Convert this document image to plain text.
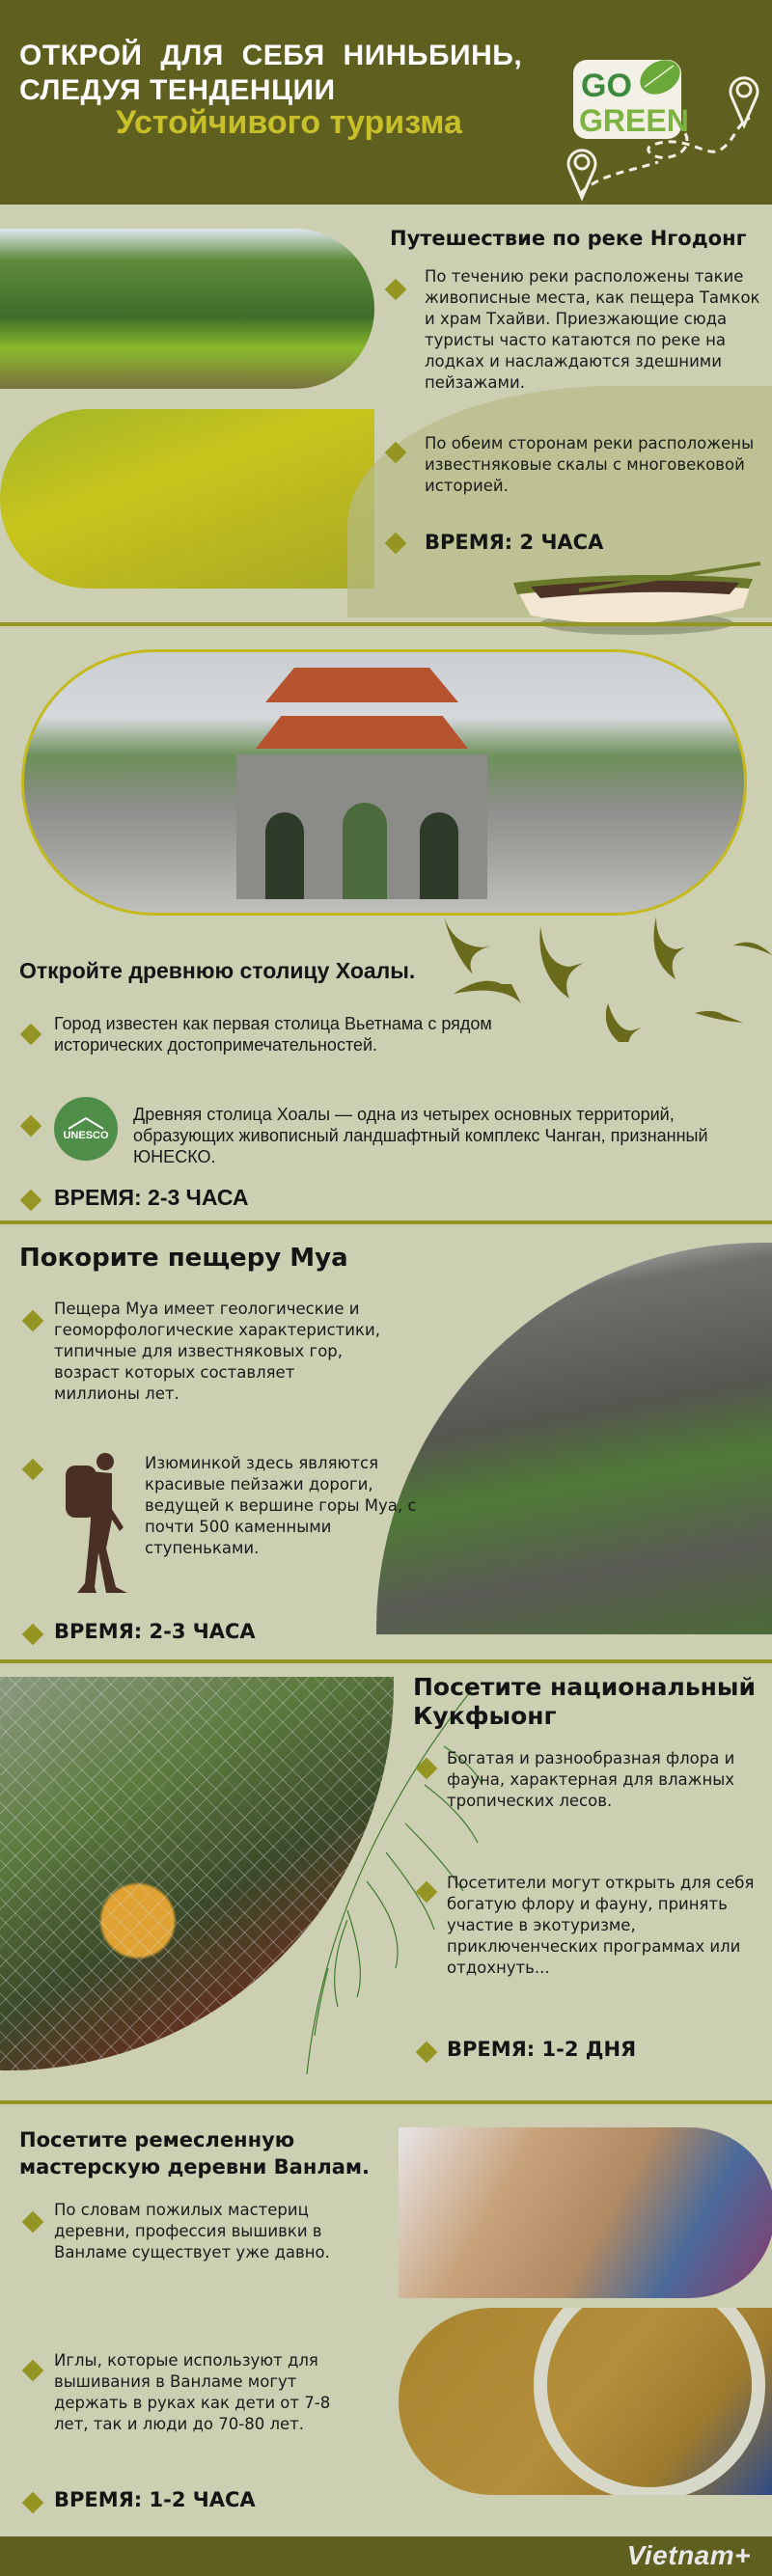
ОТКРОЙ ДЛЯ СЕБЯ НИНЬБИНЬ,
СЛЕДУЯ ТЕНДЕНЦИИ
Устойчивого туризма
GO
GREEN
Путешествие по реке Нгодонг
По течению реки расположены такие живописные места, как пещера Тамкок и храм Тхайви. Приезжающие сюда туристы часто катаются по реке на лодках и наслаждаются здешними пейзажами.
По обеим сторонам реки расположены известняковые скалы с многовековой историей.
ВРЕМЯ: 2 ЧАСА
Откройте древнюю столицу Хоалы.
Город известен как первая столица Вьетнама с рядом исторических достопримечательностей.
UNESCO
Древняя столица Хоалы — одна из четырех основных территорий, образующих живописный ландшафтный комплекс Чанган, признанный ЮНЕСКО.
ВРЕМЯ: 2-3 ЧАСА
Покорите пещеру Муа
Пещера Муа имеет геологические и геоморфологические характеристики, типичные для известняковых гор, возраст которых составляет миллионы лет.
Изюминкой здесь являются красивые пейзажи дороги, ведущей к вершине горы Муа, с почти 500 каменными ступеньками.
ВРЕМЯ: 2-3 ЧАСА
Посетите национальный Кукфыонг
Богатая и разнообразная флора и фауна, характерная для влажных тропических лесов.
Посетители могут открыть для себя богатую флору и фауну, принять участие в экотуризме, приключенческих программах или отдохнуть...
ВРЕМЯ: 1-2 ДНЯ
Посетите ремесленную мастерскую деревни Ванлам.
По словам пожилых мастериц деревни, профессия вышивки в Ванламе существует уже давно.
Иглы, которые используют для вышивания в Ванламе могут держать в руках как дети от 7-8 лет, так и люди до 70-80 лет.
ВРЕМЯ: 1-2 ЧАСА
Vietnam+
